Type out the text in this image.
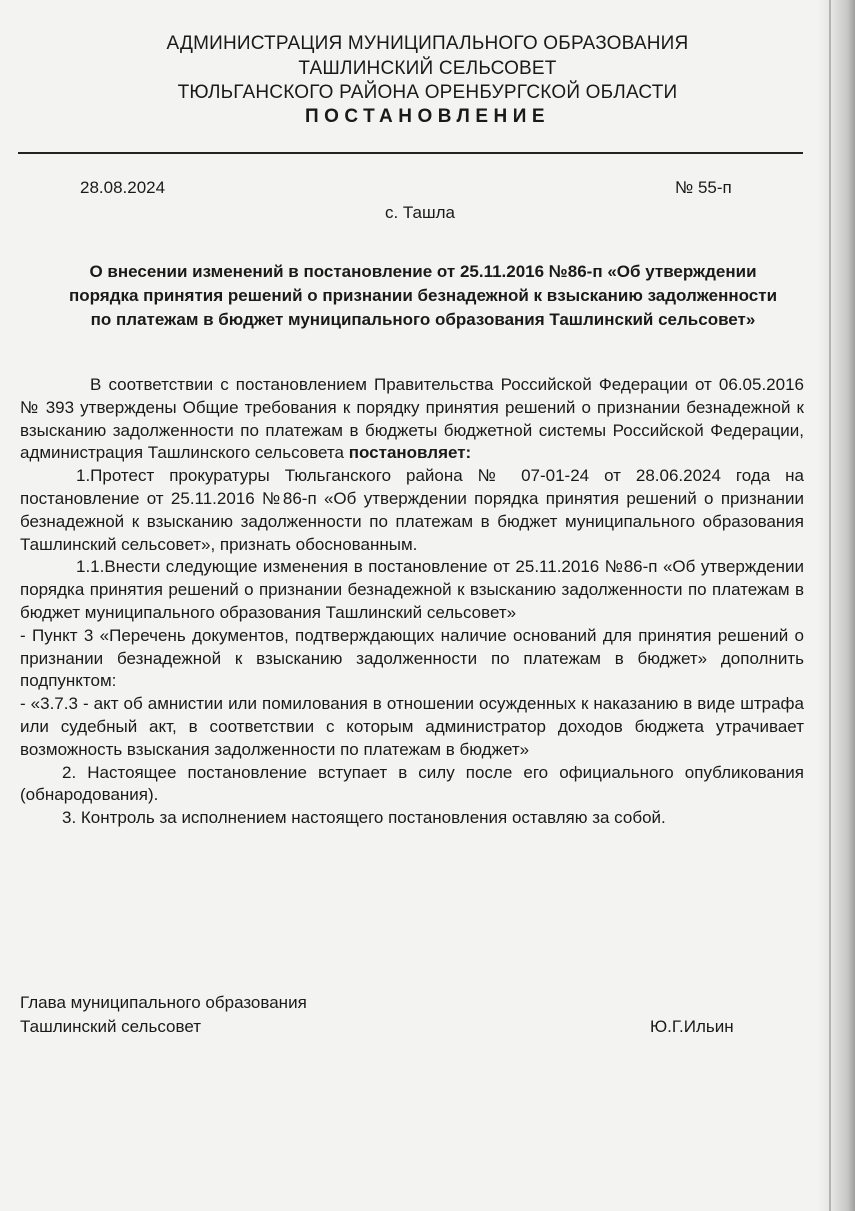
АДМИНИСТРАЦИЯ МУНИЦИПАЛЬНОГО ОБРАЗОВАНИЯ
ТАШЛИНСКИЙ СЕЛЬСОВЕТ
ТЮЛЬГАНСКОГО РАЙОНА ОРЕНБУРГСКОЙ ОБЛАСТИ
ПОСТАНОВЛЕНИЕ
28.08.2024	№ 55-п
с. Ташла
О внесении изменений в постановление от 25.11.2016 №86-п «Об утверждении порядка принятия решений о признании безнадежной к взысканию задолженности по платежам в бюджет муниципального образования Ташлинский сельсовет»

В соответствии с постановлением Правительства Российской Федерации от 06.05.2016 № 393 утверждены Общие требования к порядку принятия решений о признании безнадежной к взысканию задолженности по платежам в бюджеты бюджетной системы Российской Федерации, администрация Ташлинского сельсовета постановляет:

1.Протест прокуратуры Тюльганского района № 07-01-24 от 28.06.2024 года на постановление от 25.11.2016 №86-п «Об утверждении порядка принятия решений о признании безнадежной к взысканию задолженности по платежам в бюджет муниципального образования Ташлинский сельсовет», признать обоснованным.

1.1.Внести следующие изменения в постановление от 25.11.2016 №86-п «Об утверждении порядка принятия решений о признании безнадежной к взысканию задолженности по платежам в бюджет муниципального образования Ташлинский сельсовет»

- Пункт 3 «Перечень документов, подтверждающих наличие оснований для принятия решений о признании безнадежной к взысканию задолженности по платежам в бюджет» дополнить подпунктом:

- «3.7.3 - акт об амнистии или помилования в отношении осужденных к наказанию в виде штрафа или судебный акт, в соответствии с которым администратор доходов бюджета утрачивает возможность взыскания задолженности по платежам в бюджет»

2. Настоящее постановление вступает в силу после его официального опубликования (обнародования).

3. Контроль за исполнением настоящего постановления оставляю за собой.

Глава муниципального образования
Ташлинский сельсовет	Ю.Г.Ильин
